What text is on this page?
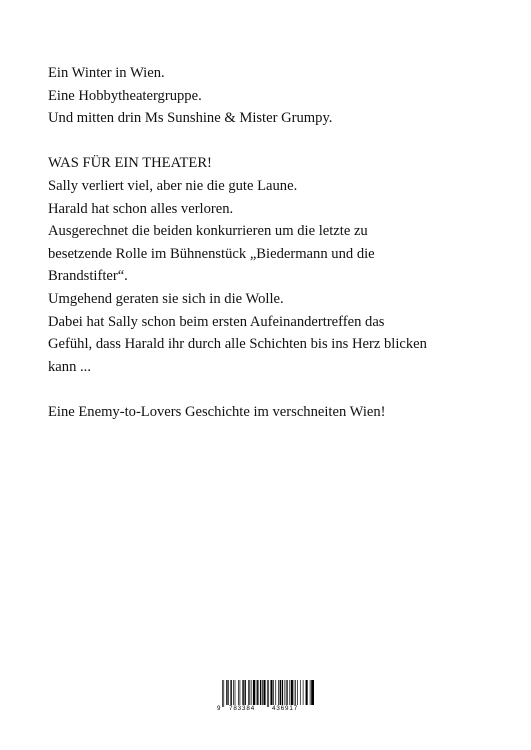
Ein Winter in Wien.

Eine Hobbytheatergruppe.

Und mitten drin Ms Sunshine & Mister Grumpy.

WAS FÜR EIN THEATER!

Sally verliert viel, aber nie die gute Laune.

Harald hat schon alles verloren.

Ausgerechnet die beiden konkurrieren um die letzte zu

besetzende Rolle im Bühnenstück „Biedermann und die

Brandstifter“.

Umgehend geraten sie sich in die Wolle.

Dabei hat Sally schon beim ersten Aufeinandertreffen das

Gefühl, dass Harald ihr durch alle Schichten bis ins Herz blicken

kann ...

Eine Enemy-to-Lovers Geschichte im verschneiten Wien!

9 783384	436917
